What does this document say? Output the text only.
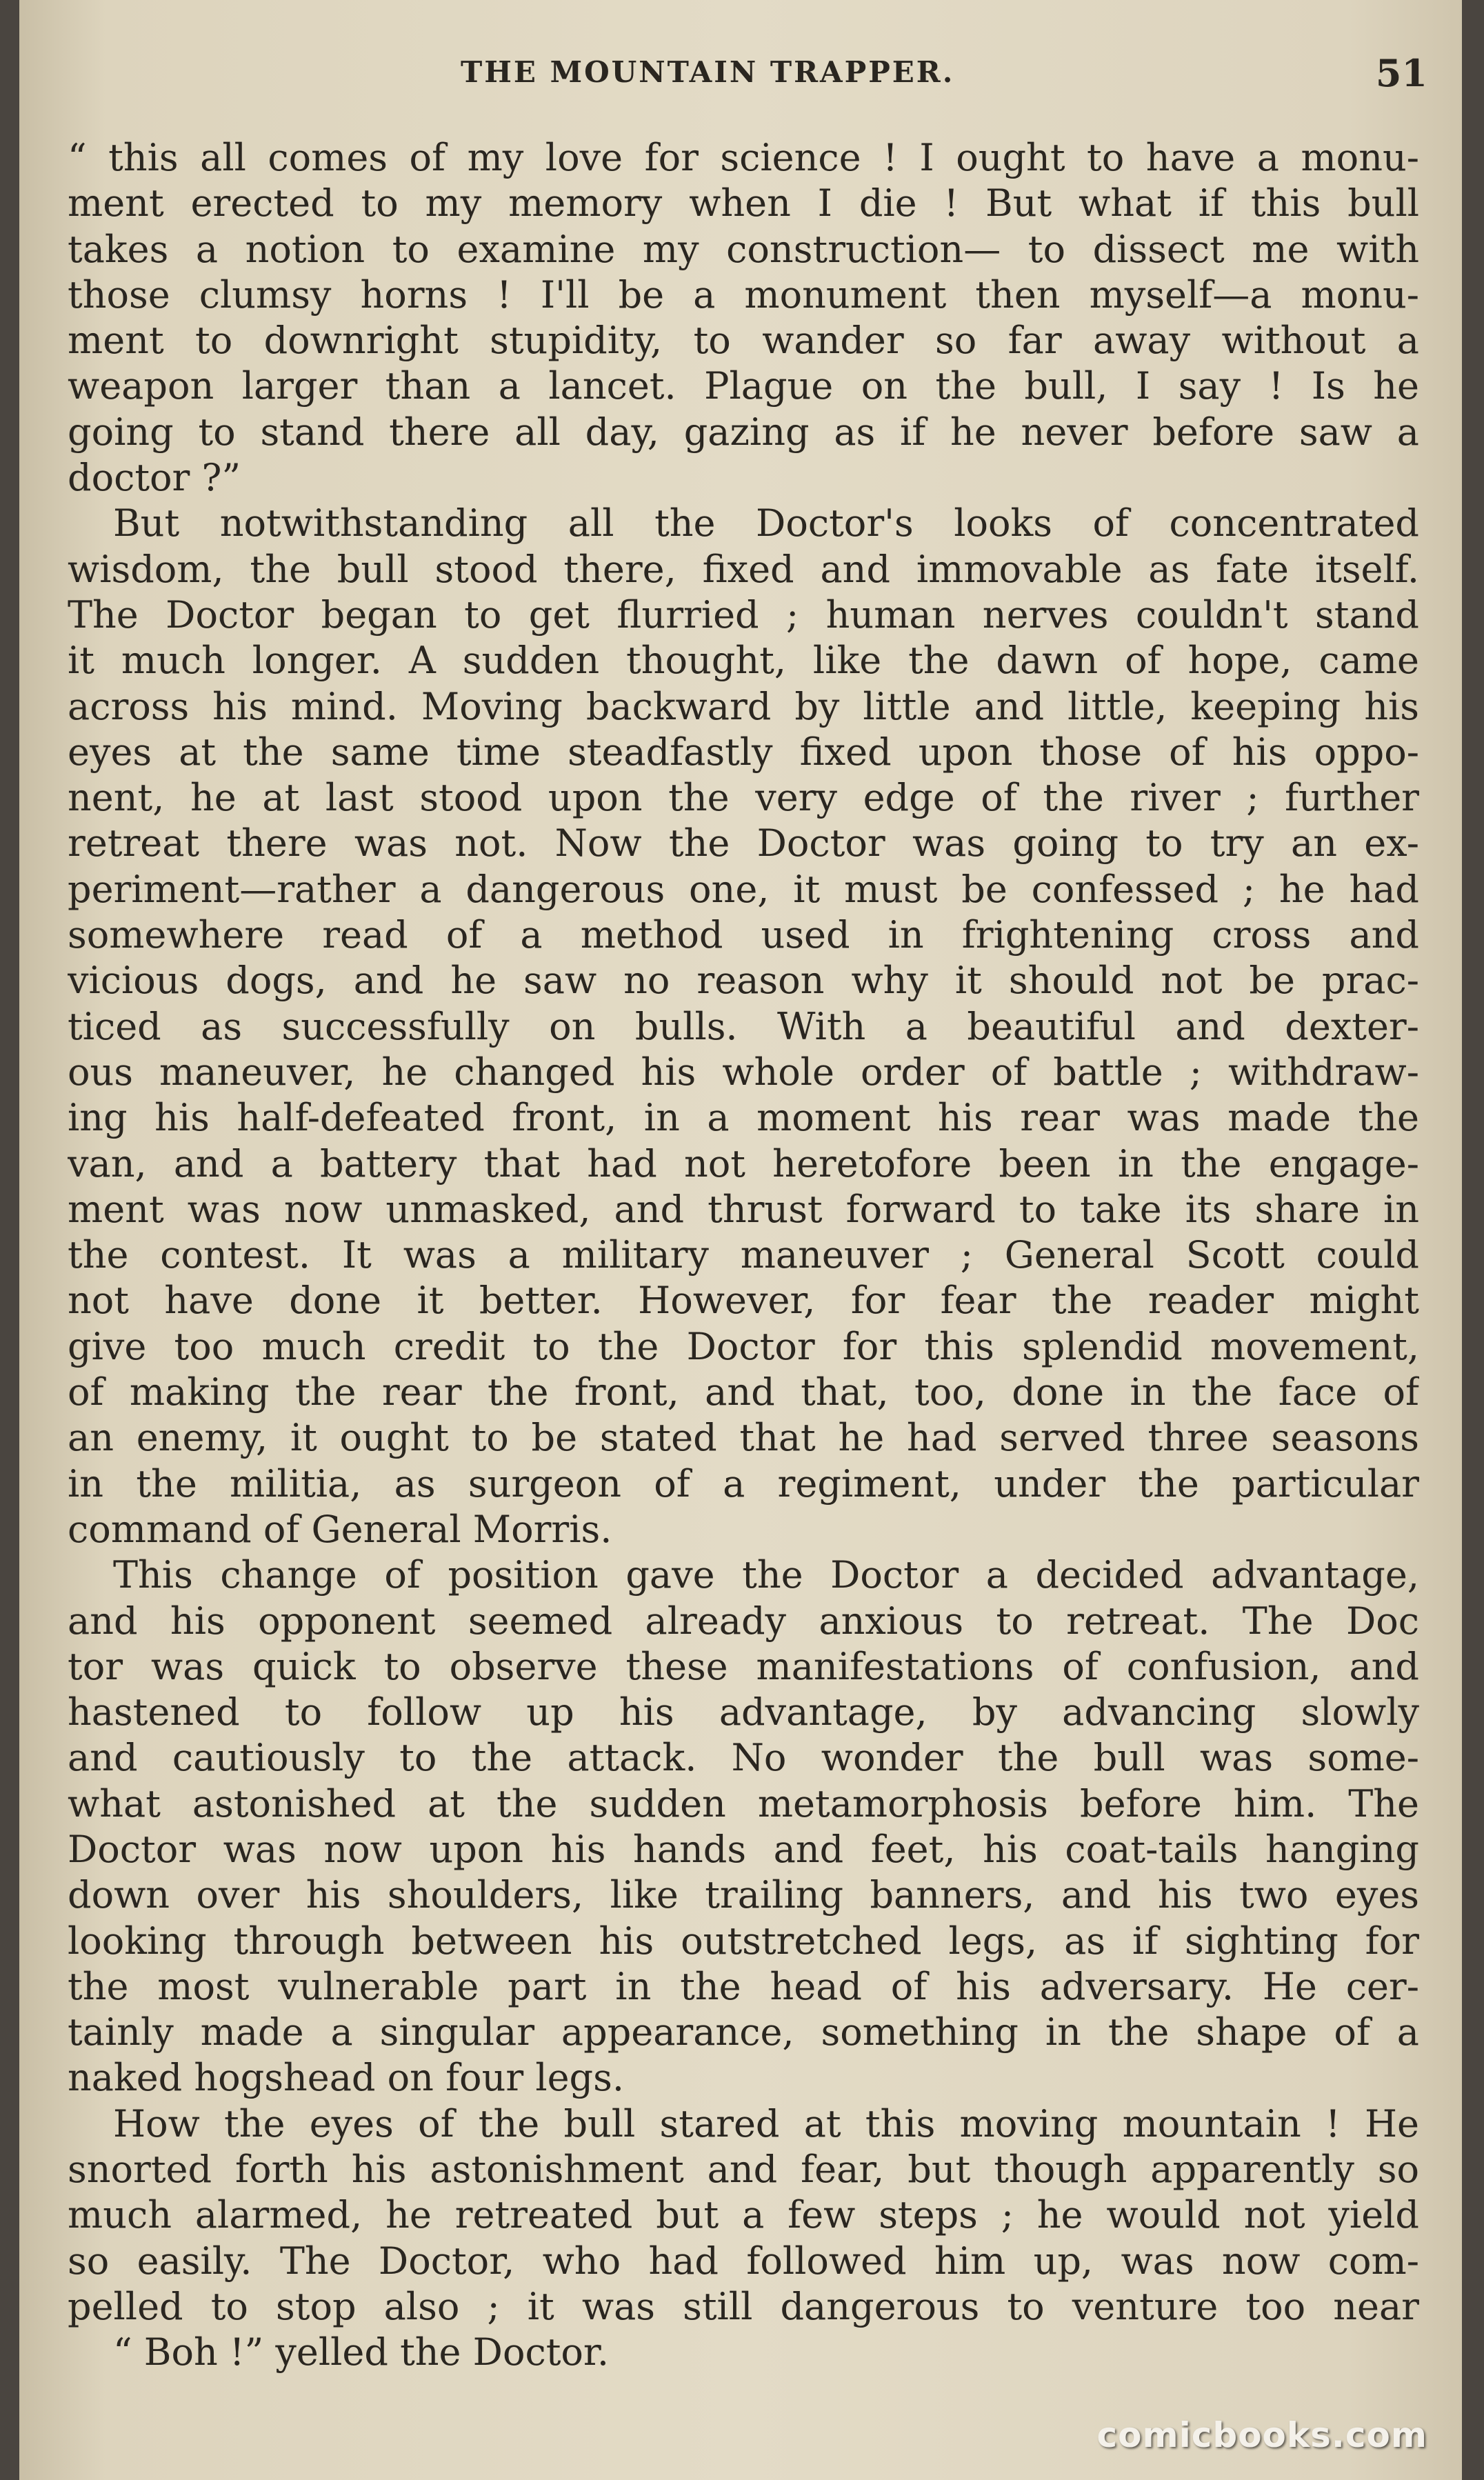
THE MOUNTAIN TRAPPER.	51
“ this all comes of my love for science ! I ought to have a monu-
ment erected to my memory when I die ! But what if this bull
takes a notion to examine my construction— to dissect me with
those clumsy horns ! I'll be a monument then myself—a monu-
ment to downright stupidity, to wander so far away without a
weapon larger than a lancet. Plague on the bull, I say ! Is he
going to stand there all day, gazing as if he never before saw a
doctor ?”
But notwithstanding all the Doctor's looks of concentrated
wisdom, the bull stood there, fixed and immovable as fate itself.
The Doctor began to get flurried ; human nerves couldn't stand
it much longer. A sudden thought, like the dawn of hope, came
across his mind. Moving backward by little and little, keeping his
eyes at the same time steadfastly fixed upon those of his oppo-
nent, he at last stood upon the very edge of the river ; further
retreat there was not. Now the Doctor was going to try an ex-
periment—rather a dangerous one, it must be confessed ; he had
somewhere read of a method used in frightening cross and
vicious dogs, and he saw no reason why it should not be prac-
ticed as successfully on bulls. With a beautiful and dexter-
ous maneuver, he changed his whole order of battle ; withdraw-
ing his half-defeated front, in a moment his rear was made the
van, and a battery that had not heretofore been in the engage-
ment was now unmasked, and thrust forward to take its share in
the contest. It was a military maneuver ; General Scott could
not have done it better. However, for fear the reader might
give too much credit to the Doctor for this splendid movement,
of making the rear the front, and that, too, done in the face of
an enemy, it ought to be stated that he had served three seasons
in the militia, as surgeon of a regiment, under the particular
command of General Morris.
This change of position gave the Doctor a decided advantage,
and his opponent seemed already anxious to retreat. The Doc
tor was quick to observe these manifestations of confusion, and
hastened to follow up his advantage, by advancing slowly
and cautiously to the attack. No wonder the bull was some-
what astonished at the sudden metamorphosis before him. The
Doctor was now upon his hands and feet, his coat-tails hanging
down over his shoulders, like trailing banners, and his two eyes
looking through between his outstretched legs, as if sighting for
the most vulnerable part in the head of his adversary. He cer-
tainly made a singular appearance, something in the shape of a
naked hogshead on four legs.
How the eyes of the bull stared at this moving mountain ! He
snorted forth his astonishment and fear, but though apparently so
much alarmed, he retreated but a few steps ; he would not yield
so easily. The Doctor, who had followed him up, was now com-
pelled to stop also ; it was still dangerous to venture too near
“ Boh !” yelled the Doctor.
comicbooks.com
